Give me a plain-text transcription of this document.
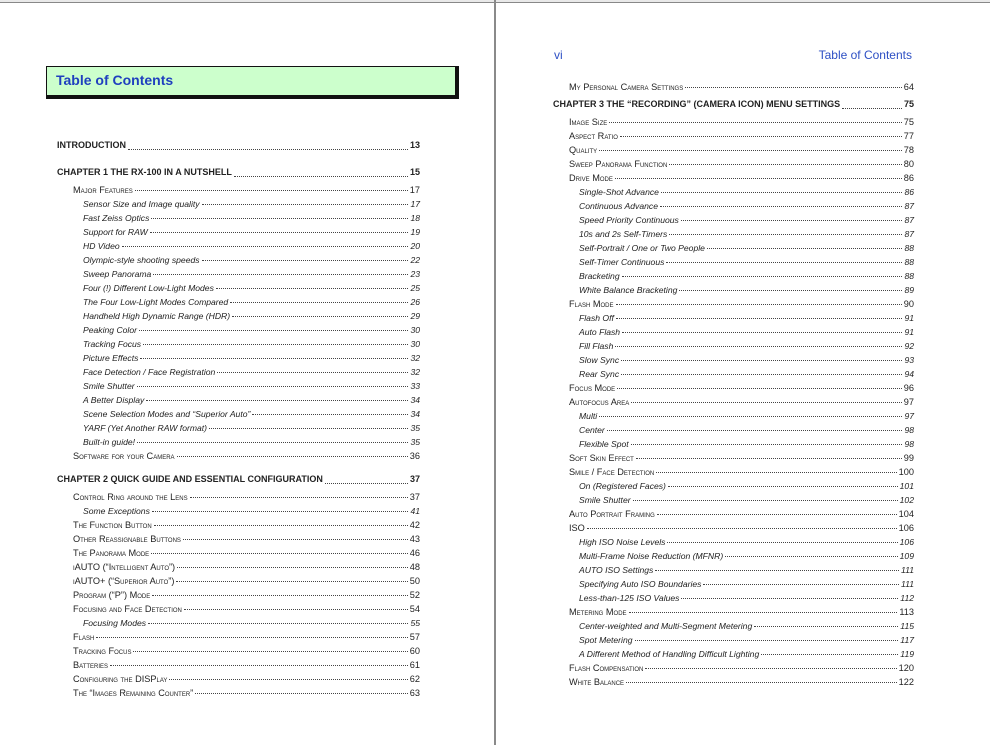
Table of Contents
INTRODUCTION	13
CHAPTER 1 THE RX-100 IN A NUTSHELL	15
Major Features	17
Sensor Size and Image quality	17
Fast Zeiss Optics	18
Support for RAW	19
HD Video	20
Olympic-style shooting speeds	22
Sweep Panorama	23
Four (!) Different Low-Light Modes	25
The Four Low-Light Modes Compared	26
Handheld High Dynamic Range (HDR)	29
Peaking Color	30
Tracking Focus	30
Picture Effects	32
Face Detection / Face Registration	32
Smile Shutter	33
A Better Display	34
Scene Selection Modes and “Superior Auto”	34
YARF (Yet Another RAW format)	35
Built-in guide!	35
Software for your Camera	36
CHAPTER 2 QUICK GUIDE AND ESSENTIAL CONFIGURATION	37
Control Ring around the Lens	37
Some Exceptions	41
The Function Button	42
Other Reassignable Buttons	43
The Panorama Mode	46
iAUTO (“Intelligent Auto”)	48
iAUTO+ (“Superior Auto”)	50
Program (“P”) Mode	52
Focusing and Face Detection	54
Focusing Modes	55
Flash	57
Tracking Focus	60
Batteries	61
Configuring the DISPlay	62
The “Images Remaining Counter”	63
vi	Table of Contents
My Personal Camera Settings	64
CHAPTER 3 THE “RECORDING” (CAMERA ICON) MENU SETTINGS	75
Image Size	75
Aspect Ratio	77
Quality	78
Sweep Panorama Function	80
Drive Mode	86
Single-Shot Advance	86
Continuous Advance	87
Speed Priority Continuous	87
10s and 2s Self-Timers	87
Self-Portrait / One or Two People	88
Self-Timer Continuous	88
Bracketing	88
White Balance Bracketing	89
Flash Mode	90
Flash Off	91
Auto Flash	91
Fill Flash	92
Slow Sync	93
Rear Sync	94
Focus Mode	96
Autofocus Area	97
Multi	97
Center	98
Flexible Spot	98
Soft Skin Effect	99
Smile / Face Detection	100
On (Registered Faces)	101
Smile Shutter	102
Auto Portrait Framing	104
ISO	106
High ISO Noise Levels	106
Multi-Frame Noise Reduction (MFNR)	109
AUTO ISO Settings	111
Specifying Auto ISO Boundaries	111
Less-than-125 ISO Values	112
Metering Mode	113
Center-weighted and Multi-Segment Metering	115
Spot Metering	117
A Different Method of Handling Difficult Lighting	119
Flash Compensation	120
White Balance	122
